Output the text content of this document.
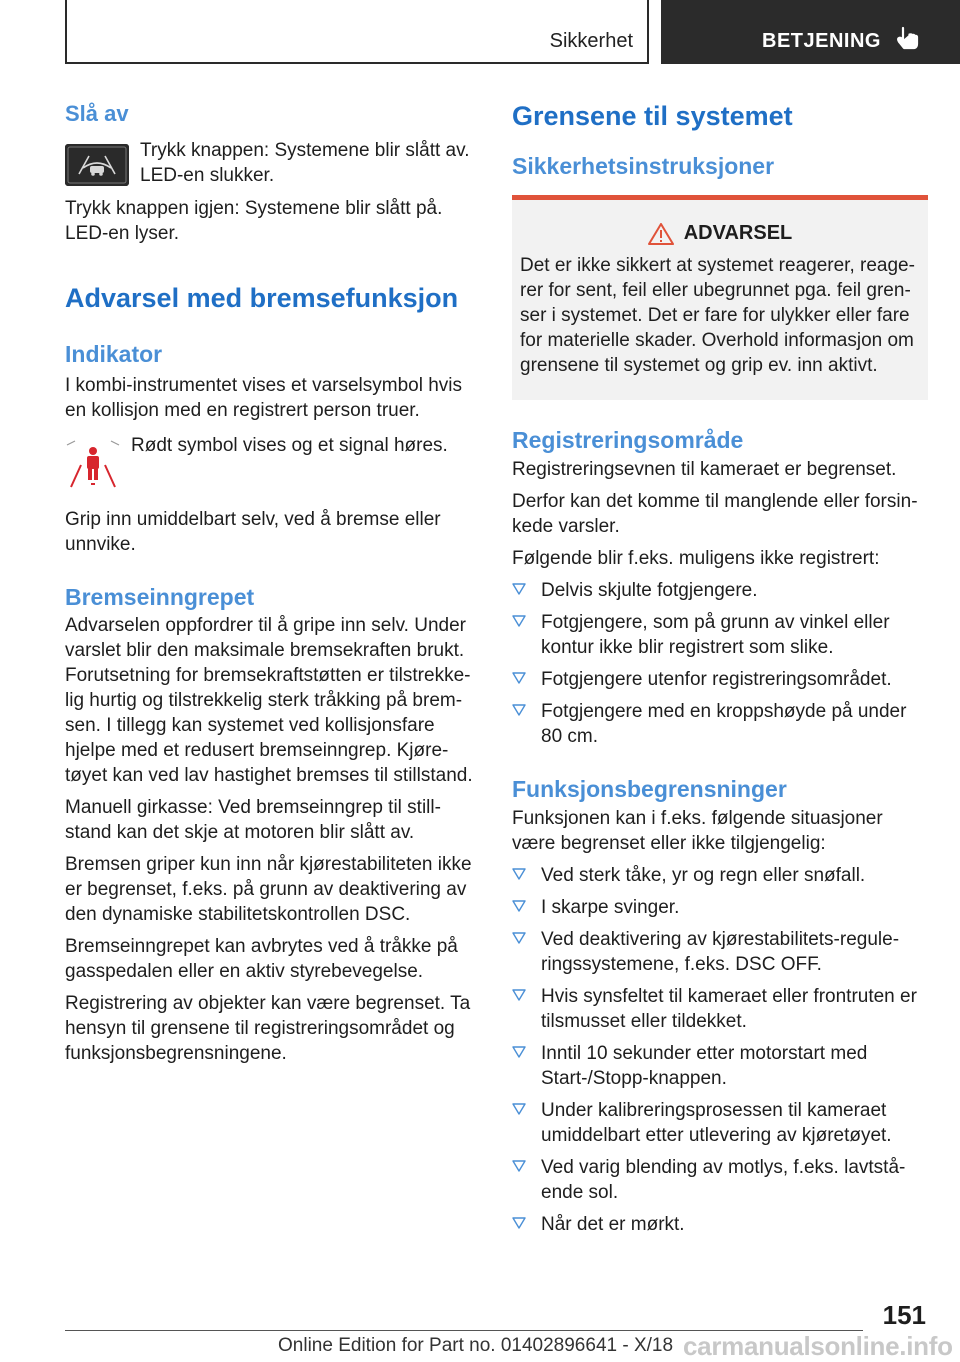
Sikkerhet	BETJENING
Slå av

Trykk knappen: Systemene blir slått av. LED-en slukker.

Trykk knappen igjen: Systemene blir slått på. LED-en lyser.

Advarsel med bremsefunksjon
Indikator

I kombi-instrumentet vises et varselsymbol hvis en kollisjon med en registrert person truer.

Rødt symbol vises og et signal høres.

Grip inn umiddelbart selv, ved å bremse eller unnvike.

Bremseinngrepet

Advarselen oppfordrer til å gripe inn selv. Under varslet blir den maksimale bremsekraften brukt. Forutsetning for bremsekraftstøtten er tilstrekkelig hurtig og tilstrekkelig sterk tråkking på bremsen. I tillegg kan systemet ved kollisjonsfare hjelpe med et redusert bremseinngrep. Kjøretøyet kan ved lav hastighet bremses til stillstand.

Manuell girkasse: Ved bremseinngrep til stillstand kan det skje at motoren blir slått av.

Bremsen griper kun inn når kjørestabiliteten ikke er begrenset, f.eks. på grunn av deaktivering av den dynamiske stabilitetskontrollen DSC.

Bremseinngrepet kan avbrytes ved å tråkke på gasspedalen eller en aktiv styrebevegelse.

Registrering av objekter kan være begrenset. Ta hensyn til grensene til registreringsområdet og funksjonsbegrensningene.

Grensene til systemet
Sikkerhetsinstruksjoner
ADVARSEL

Det er ikke sikkert at systemet reagerer, reagerer for sent, feil eller ubegrunnet pga. feil grenser i systemet. Det er fare for ulykker eller fare for materielle skader. Overhold informasjon om grensene til systemet og grip ev. inn aktivt.

Registreringsområde

Registreringsevnen til kameraet er begrenset.

Derfor kan det komme til manglende eller forsinkede varsler.

Følgende blir f.eks. muligens ikke registrert:

Delvis skjulte fotgjengere.
Fotgjengere, som på grunn av vinkel eller kontur ikke blir registrert som slike.
Fotgjengere utenfor registreringsområdet.
Fotgjengere med en kroppshøyde på under 80 cm.
Funksjonsbegrensninger

Funksjonen kan i f.eks. følgende situasjoner være begrenset eller ikke tilgjengelig:

Ved sterk tåke, yr og regn eller snøfall.
I skarpe svinger.
Ved deaktivering av kjørestabilitets-reguleringssystemene, f.eks. DSC OFF.
Hvis synsfeltet til kameraet eller frontruten er tilsmusset eller tildekket.
Inntil 10 sekunder etter motorstart med Start-/Stopp-knappen.
Under kalibreringsprosessen til kameraet umiddelbart etter utlevering av kjøretøyet.
Ved varig blending av motlys, f.eks. lavtstående sol.
Når det er mørkt.
151
Online Edition for Part no. 01402896641 - X/18 carmanualsonline.info
